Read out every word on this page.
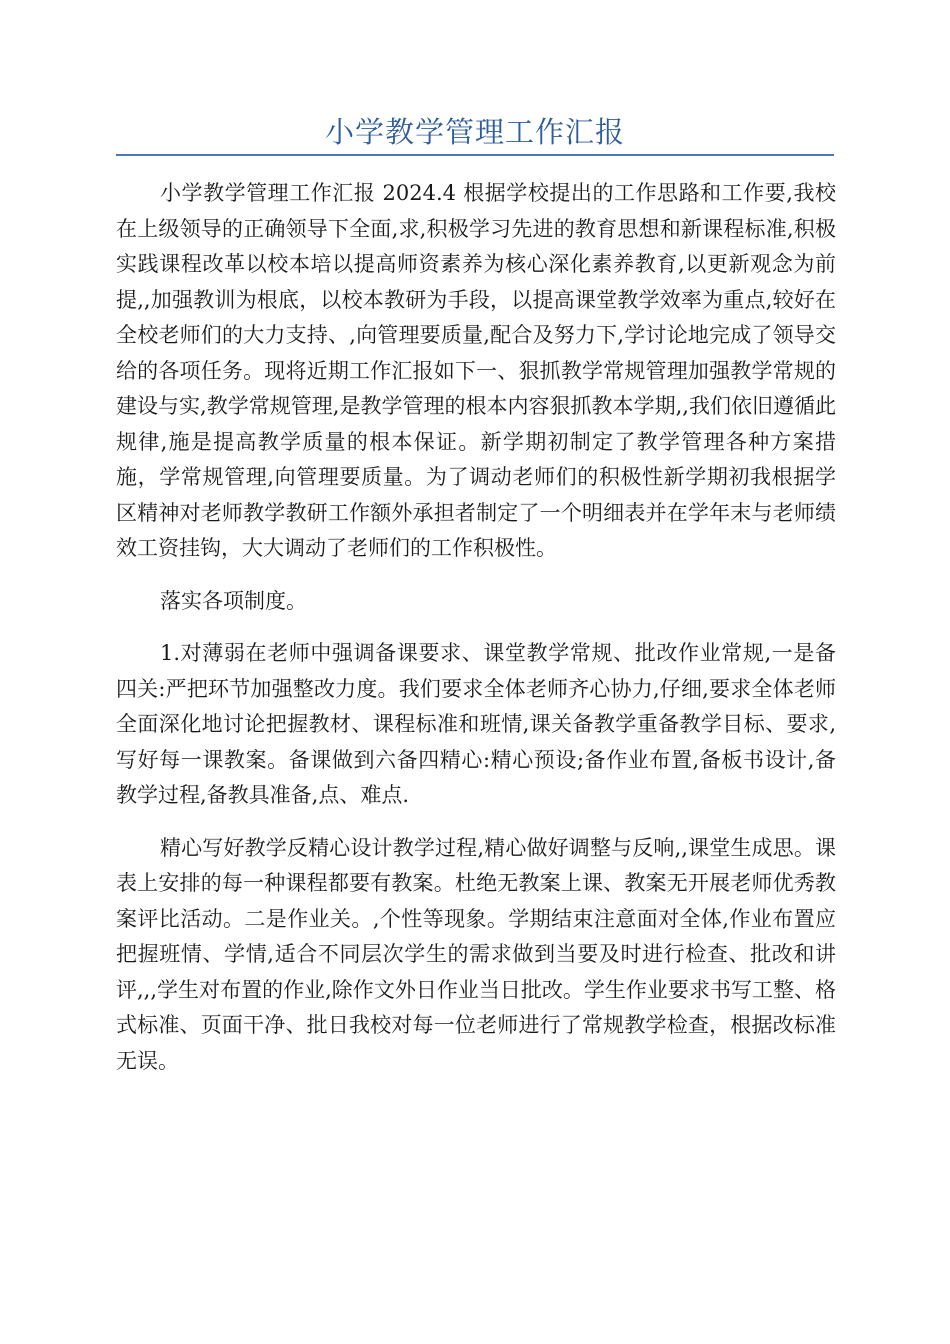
小学教学管理工作汇报

小学教学管理工作汇报 2024.4 根据学校提出的工作思路和工作要,我校在上级领导的正确领导下全面,求,积极学习先进的教育思想和新课程标准,积极实践课程改革以校本培以提高师资素养为核心深化素养教育,以更新观念为前提,,加强教训为根底，以校本教研为手段，以提高课堂教学效率为重点,较好在全校老师们的大力支持、,向管理要质量,配合及努力下,学讨论地完成了领导交给的各项任务。现将近期工作汇报如下一、狠抓教学常规管理加强教学常规的建设与实,教学常规管理,是教学管理的根本内容狠抓教本学期,,我们依旧遵循此规律,施是提高教学质量的根本保证。新学期初制定了教学管理各种方案措施，学常规管理,向管理要质量。为了调动老师们的积极性新学期初我根据学区精神对老师教学教研工作额外承担者制定了一个明细表并在学年末与老师绩效工资挂钩，大大调动了老师们的工作积极性。

落实各项制度。

1.对薄弱在老师中强调备课要求、课堂教学常规、批改作业常规,一是备四关:严把环节加强整改力度。我们要求全体老师齐心协力,仔细,要求全体老师全面深化地讨论把握教材、课程标准和班情,课关备教学重备教学目标、要求,写好每一课教案。备课做到六备四精心:精心预设;备作业布置,备板书设计,备教学过程,备教具准备,点、难点.

精心写好教学反精心设计教学过程,精心做好调整与反响,,课堂生成思。课表上安排的每一种课程都要有教案。杜绝无教案上课、教案无开展老师优秀教案评比活动。二是作业关。,个性等现象。学期结束注意面对全体,作业布置应把握班情、学情,适合不同层次学生的需求做到当要及时进行检查、批改和讲评,,,学生对布置的作业,除作文外日作业当日批改。学生作业要求书写工整、格式标准、页面干净、批日我校对每一位老师进行了常规教学检查，根据改标准无误。
